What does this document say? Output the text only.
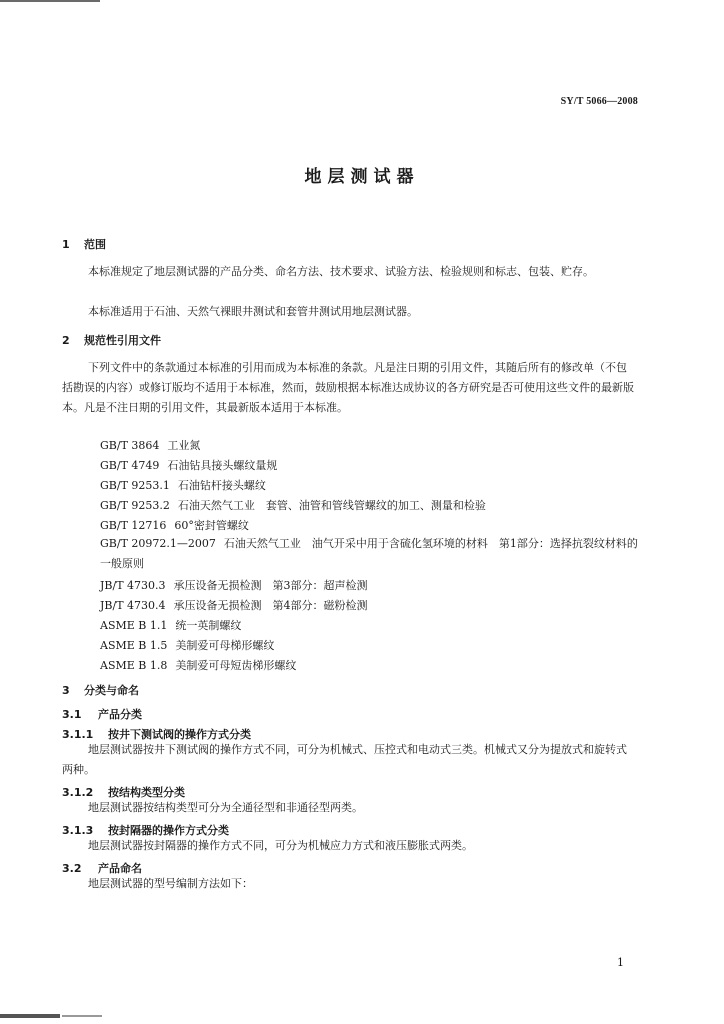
SY/T 5066—2008
地层测试器
1 范围
本标准规定了地层测试器的产品分类、命名方法、技术要求、试验方法、检验规则和标志、包装、贮存。
本标准适用于石油、天然气裸眼井测试和套管井测试用地层测试器。
2 规范性引用文件
下列文件中的条款通过本标准的引用而成为本标准的条款。凡是注日期的引用文件，其随后所有的修改单（不包括勘误的内容）或修订版均不适用于本标准，然而，鼓励根据本标准达成协议的各方研究是否可使用这些文件的最新版本。凡是不注日期的引用文件，其最新版本适用于本标准。
GB/T 3864 工业氮
GB/T 4749 石油钻具接头螺纹量规
GB/T 9253.1 石油钻杆接头螺纹
GB/T 9253.2 石油天然气工业　套管、油管和管线管螺纹的加工、测量和检验
GB/T 12716 60°密封管螺纹
GB/T 20972.1—2007 石油天然气工业　油气开采中用于含硫化氢环境的材料　第1部分：选择抗裂纹材料的一般原则
JB/T 4730.3 承压设备无损检测　第3部分：超声检测
JB/T 4730.4 承压设备无损检测　第4部分：磁粉检测
ASME B 1.1 统一英制螺纹
ASME B 1.5 美制爱可母梯形螺纹
ASME B 1.8 美制爱可母短齿梯形螺纹
3 分类与命名
3.1 产品分类
3.1.1 按井下测试阀的操作方式分类
地层测试器按井下测试阀的操作方式不同，可分为机械式、压控式和电动式三类。机械式又分为提放式和旋转式两种。
3.1.2 按结构类型分类
地层测试器按结构类型可分为全通径型和非通径型两类。
3.1.3 按封隔器的操作方式分类
地层测试器按封隔器的操作方式不同，可分为机械应力方式和液压膨胀式两类。
3.2 产品命名
地层测试器的型号编制方法如下：
1
